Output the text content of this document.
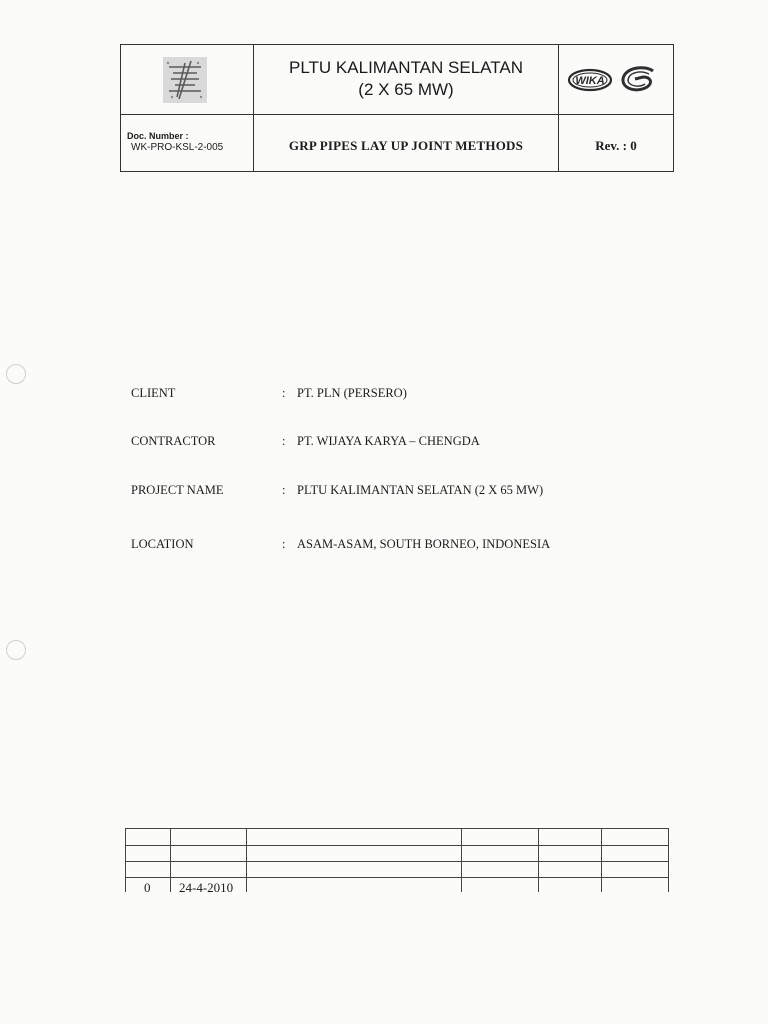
PLTU KALIMANTAN SELATAN
(2 X 65 MW)	WIKA
Doc. Number :
WK-PRO-KSL-2-005	GRP PIPES LAY UP JOINT METHODS	Rev. : 0
CLIENT	: PT. PLN (PERSERO)
CONTRACTOR	: PT. WIJAYA KARYA – CHENGDA
PROJECT NAME	: PLTU KALIMANTAN SELATAN (2 X 65 MW)
LOCATION	: ASAM-ASAM, SOUTH BORNEO, INDONESIA
0 24-4-2010
